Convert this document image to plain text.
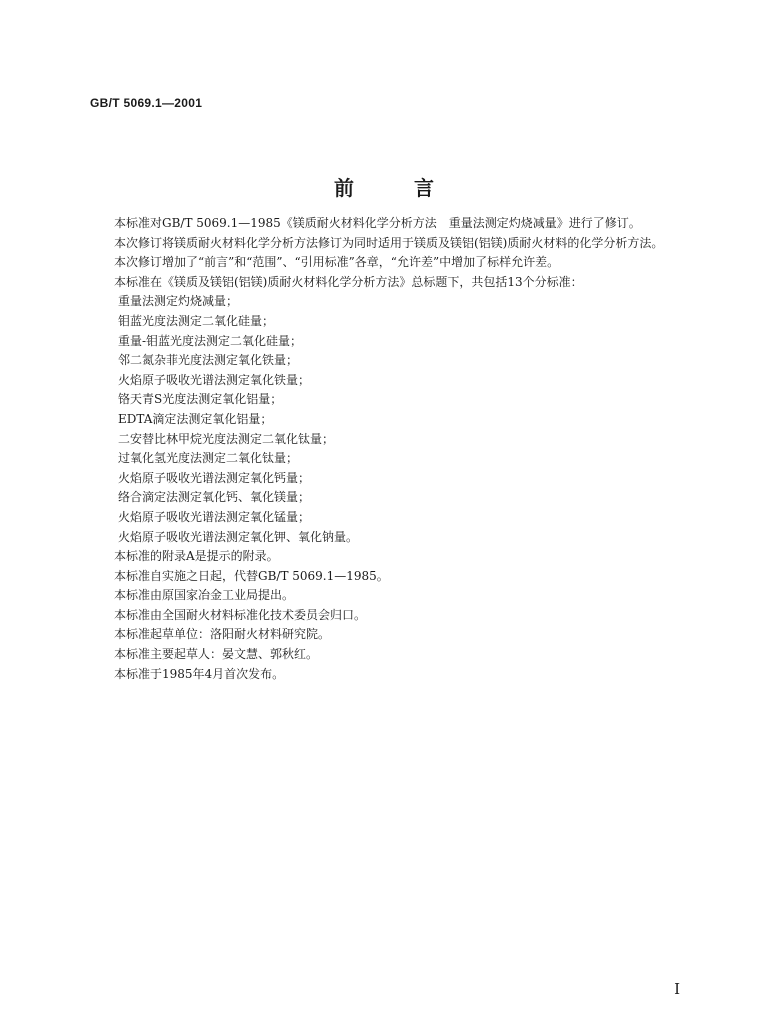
GB/T 5069.1—2001
前言

本标准对GB/T 5069.1—1985《镁质耐火材料化学分析方法　重量法测定灼烧减量》进行了修订。

本次修订将镁质耐火材料化学分析方法修订为同时适用于镁质及镁铝(铝镁)质耐火材料的化学分析方法。

本次修订增加了“前言”和“范围”、“引用标准”各章，“允许差”中增加了标样允许差。

本标准在《镁质及镁铝(铝镁)质耐火材料化学分析方法》总标题下，共包括13个分标准：

重量法测定灼烧减量；

钼蓝光度法测定二氧化硅量；

重量-钼蓝光度法测定二氧化硅量；

邻二氮杂菲光度法测定氧化铁量；

火焰原子吸收光谱法测定氧化铁量；

铬天青S光度法测定氧化铝量；

EDTA滴定法测定氧化铝量；

二安替比林甲烷光度法测定二氧化钛量；

过氧化氢光度法测定二氧化钛量；

火焰原子吸收光谱法测定氧化钙量；

络合滴定法测定氧化钙、氧化镁量；

火焰原子吸收光谱法测定氧化锰量；

火焰原子吸收光谱法测定氧化钾、氧化钠量。

本标准的附录A是提示的附录。

本标准自实施之日起，代替GB/T 5069.1—1985。

本标准由原国家冶金工业局提出。

本标准由全国耐火材料标准化技术委员会归口。

本标准起草单位：洛阳耐火材料研究院。

本标准主要起草人：晏文慧、郭秋红。

本标准于1985年4月首次发布。

I
